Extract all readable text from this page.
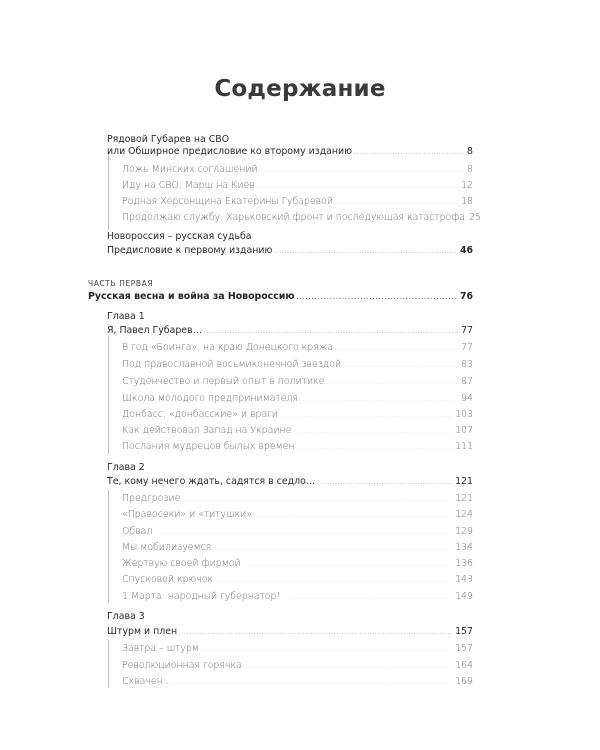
Содержание
Рядовой Губарев на СВО
или Обширное предисловие ко второму изданию . . .	8
Ложь Минских соглашений . . .	8
Иду на СВО. Марш на Киев . . .	12
Родная Херсонщина Екатерины Губаревой . . .	18
Продолжаю службу. Харьковский фронт и последующая катастрофа 25
Новороссия – русская судьба
Предисловие к первому изданию . . .	46
ЧАСТЬ ПЕРВАЯ
Русская весна и война за Новороссию . . .	76
Глава 1
Я, Павел Губарев… . . .	77
В год «Боинга», на краю Донецкого кряжа . . .	77
Под православной восьмиконечной звездой . . .	83
Студенчество и первый опыт в политике . . .	87
Школа молодого предпринимателя . . .	94
Донбасс, «донбасские» и враги . . .	103
Как действовал Запад на Украине . . .	107
Послания мудрецов былых времен . . .	111
Глава 2
Те, кому нечего ждать, садятся в седло… . . .	121
Предгрозие . . .	121
«Правосеки» и «титушки» . . .	124
Обвал . . .	129
Мы мобилизуемся . . .	134
Жертвую своей фирмой . . .	136
Спусковой крючок . . .	143
1 Марта: народный губернатор! . . .	149
Глава 3
Штурм и плен . . .	157
Завтра – штурм . . .	157
Революционная горячка . . .	164
Схвачен… . . .	169
